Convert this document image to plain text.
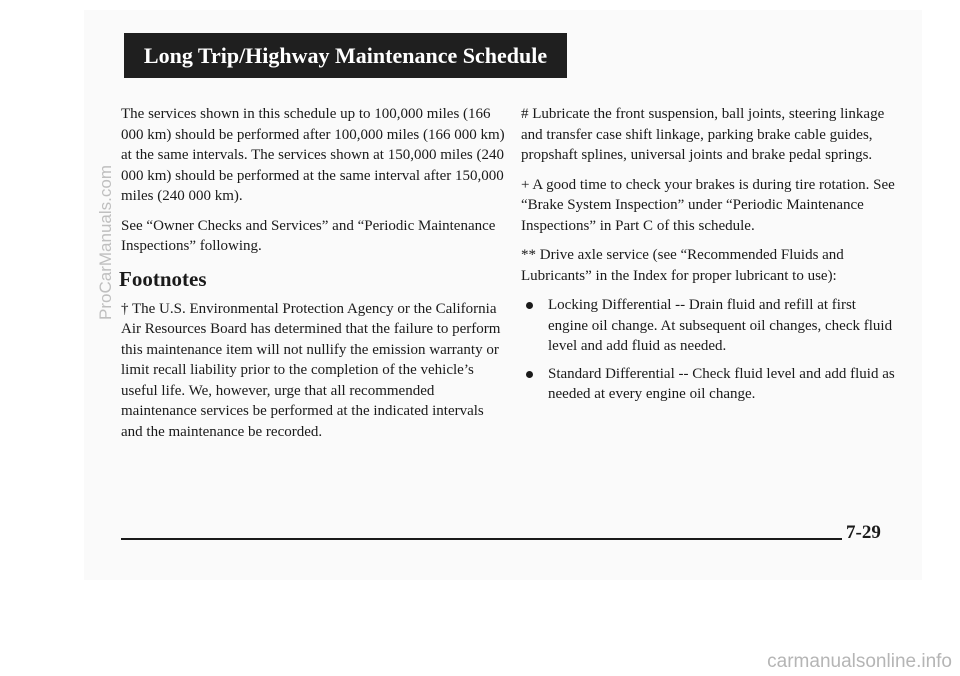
Long Trip/Highway Maintenance Schedule

The services shown in this schedule up to 100,000 miles (166 000 km) should be performed after 100,000 miles (166 000 km) at the same intervals. The services shown at 150,000 miles (240 000 km) should be performed at the same interval after 150,000 miles (240 000 km).

See “Owner Checks and Services” and “Periodic Maintenance Inspections” following.

Footnotes

† The U.S. Environmental Protection Agency or the California Air Resources Board has determined that the failure to perform this maintenance item will not nullify the emission warranty or limit recall liability prior to the completion of the vehicle’s useful life. We, however, urge that all recommended maintenance services be performed at the indicated intervals and the maintenance be recorded.

# Lubricate the front suspension, ball joints, steering linkage and transfer case shift linkage, parking brake cable guides, propshaft splines, universal joints and brake pedal springs.

+ A good time to check your brakes is during tire rotation. See “Brake System Inspection” under “Periodic Maintenance Inspections” in Part C of this schedule.

** Drive axle service (see “Recommended Fluids and Lubricants” in the Index for proper lubricant to use):

Locking Differential -- Drain fluid and refill at first engine oil change. At subsequent oil changes, check fluid level and add fluid as needed.
Standard Differential -- Check fluid level and add fluid as needed at every engine oil change.
7-29
ProCarManuals.com
carmanualsonline.info
